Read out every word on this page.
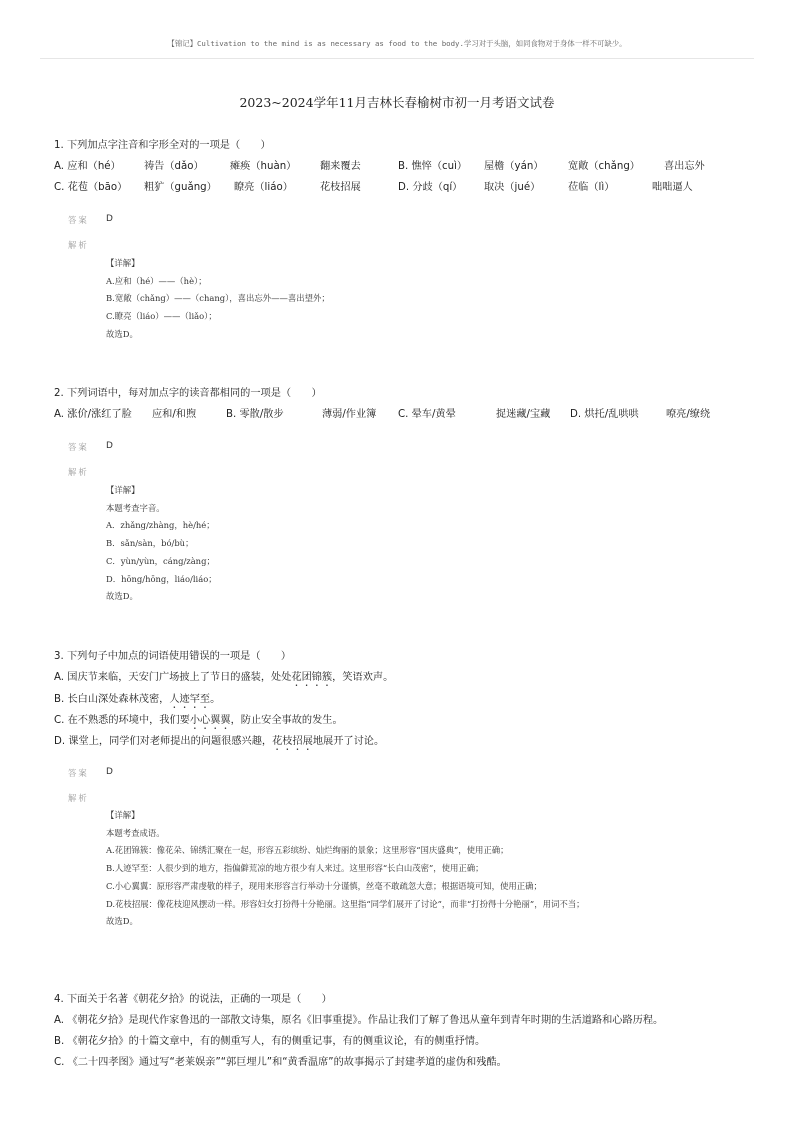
【锦记】Cultivation to the mind is as necessary as food to the body.学习对于头脑，如同食物对于身体一样不可缺少。
2023~2024学年11月吉林长春榆树市初一月考语文试卷
1. 下列加点字注音和字形全对的一项是（　　）
A. 应和（hé） 祷告（dǎo）	瘫痪（huàn） 翻来覆去	B. 憔悴（cuì） 屋檐（yán） 宽敞（chǎng） 喜出忘外
C. 花苞（bāo） 粗犷（guǎng） 瞭亮（liáo）	花枝招展	D. 分歧（qí） 取决（jué）	莅临（lì）	咄咄逼人
答案 D
解析
【详解】
A.应和（hé）——（hè）；
B.宽敞（chǎng）——（chang），喜出忘外——喜出望外；
C.瞭亮（liáo）——（liǎo）；
故选D。
2. 下列词语中，每对加点字的读音都相同的一项是（　　）
A. 涨价/涨红了脸 应和/和煦	B. 零散/散步	薄弱/作业簿 C. 晕车/黄晕	捉迷藏/宝藏 D. 烘托/乱哄哄	嘹亮/缭绕
答案 D
解析
【详解】
本题考查字音。
A．zhǎng/zhàng，hè/hé；
B．sǎn/sàn，bó/bù；
C．yùn/yùn，cáng/zàng；
D．hōng/hōng，liáo/liáo；
故选D。
3. 下列句子中加点的词语使用错误的一项是（　　）
A. 国庆节来临，天安门广场披上了节日的盛装，处处花团锦簇，笑语欢声。
B. 长白山深处森林茂密，人迹罕至。
C. 在不熟悉的环境中，我们要小心翼翼，防止安全事故的发生。
D. 课堂上，同学们对老师提出的问题很感兴趣，花枝招展地展开了讨论。
答案 D
解析
【详解】
本题考查成语。
A.花团锦簇：像花朵、锦绣汇聚在一起，形容五彩缤纷、灿烂绚丽的景象；这里形容“国庆盛典”，使用正确；
B.人迹罕至：人很少到的地方，指偏僻荒凉的地方很少有人来过。这里形容“长白山茂密”，使用正确；
C.小心翼翼：原形容严肃虔敬的样子，现用来形容言行举动十分谨慎，丝毫不敢疏忽大意；根据语境可知，使用正确；
D.花枝招展：像花枝迎风摆动一样。形容妇女打扮得十分艳丽。这里指“同学们展开了讨论”，而非“打扮得十分艳丽”，用词不当；
故选D。
4. 下面关于名著《朝花夕拾》的说法，正确的一项是（　　）
A. 《朝花夕拾》是现代作家鲁迅的一部散文诗集，原名《旧事重提》。作品让我们了解了鲁迅从童年到青年时期的生活道路和心路历程。
B. 《朝花夕拾》的十篇文章中，有的侧重写人，有的侧重记事，有的侧重议论，有的侧重抒情。
C. 《二十四孝图》通过写“老莱娱亲”“郭巨埋儿”和“黄香温席”的故事揭示了封建孝道的虚伪和残酷。
